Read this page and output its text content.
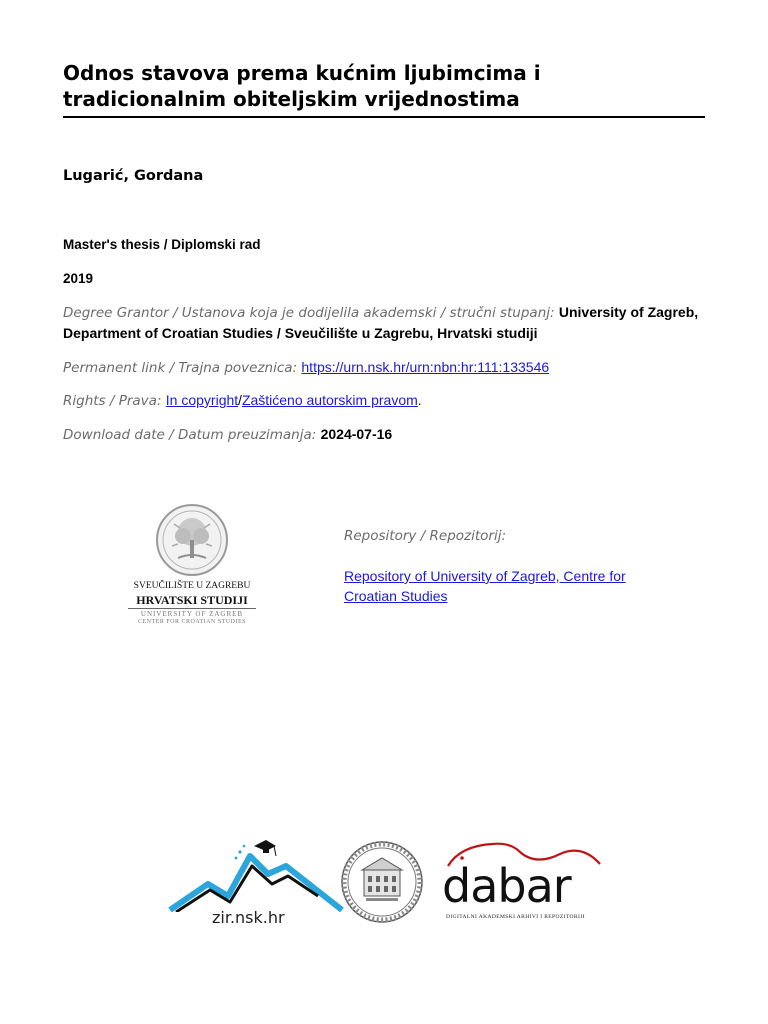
Odnos stavova prema kućnim ljubimcima i tradicionalnim obiteljskim vrijednostima
Lugarić, Gordana
Master's thesis / Diplomski rad
2019
Degree Grantor / Ustanova koja je dodijelila akademski / stručni stupanj: University of Zagreb, Department of Croatian Studies / Sveučilište u Zagrebu, Hrvatski studiji
Permanent link / Trajna poveznica: https://urn.nsk.hr/urn:nbn:hr:111:133546
Rights / Prava: In copyright/Zaštićeno autorskim pravom.
Download date / Datum preuzimanja: 2024-07-16
SVEUČILIŠTE U ZAGREBU
HRVATSKI STUDIJI
UNIVERSITY OF ZAGREB
CENTER FOR CROATIAN STUDIES
Repository / Repozitorij:
Repository of University of Zagreb, Centre for Croatian Studies
zir.nsk.hr
dabar
DIGITALNI AKADEMSKI ARHIVI I REPOZITORIJI
